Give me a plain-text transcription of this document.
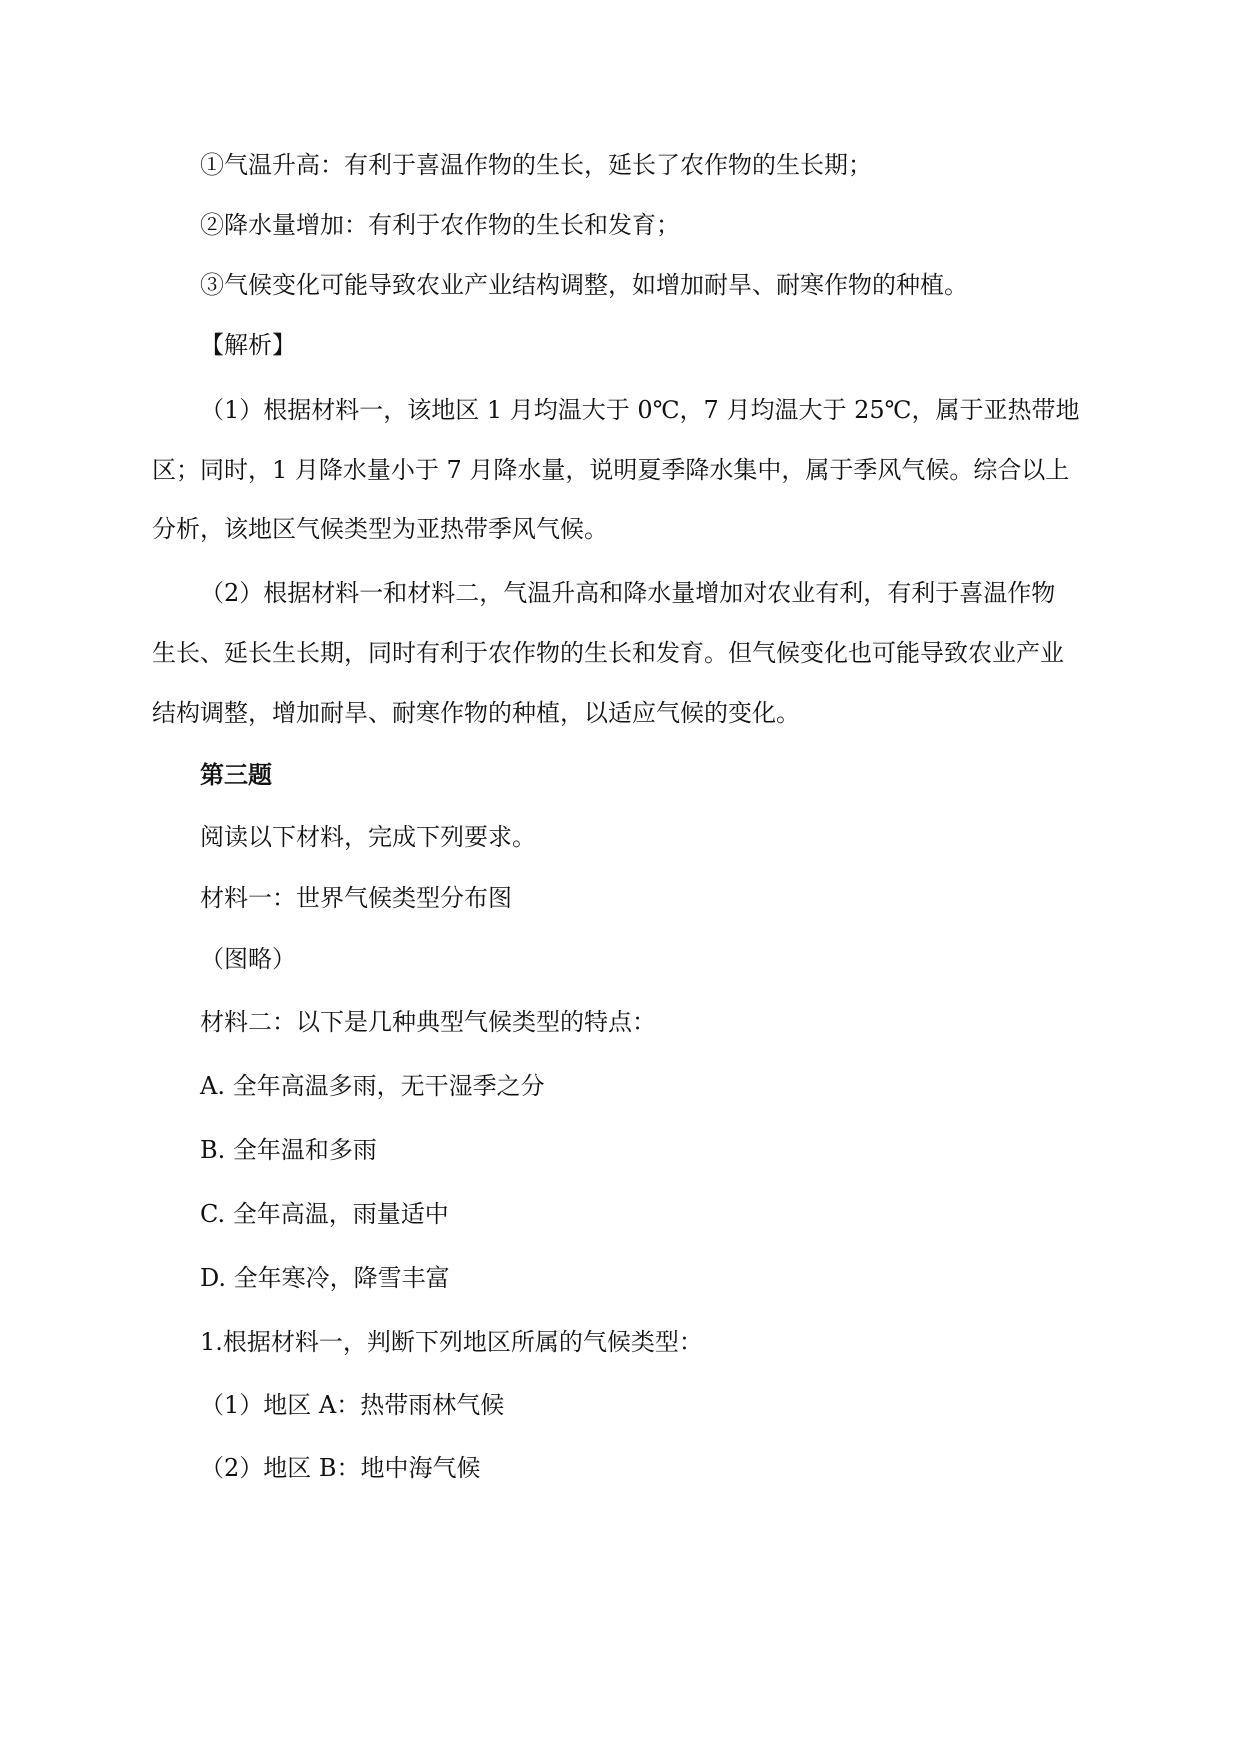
①气温升高：有利于喜温作物的生长，延长了农作物的生长期；
②降水量增加：有利于农作物的生长和发育；
③气候变化可能导致农业产业结构调整，如增加耐旱、耐寒作物的种植。
【解析】
（1）根据材料一，该地区 1 月均温大于 0℃，7 月均温大于 25℃，属于亚热带地
区；同时，1 月降水量小于 7 月降水量，说明夏季降水集中，属于季风气候。综合以上
分析，该地区气候类型为亚热带季风气候。
（2）根据材料一和材料二，气温升高和降水量增加对农业有利，有利于喜温作物
生长、延长生长期，同时有利于农作物的生长和发育。但气候变化也可能导致农业产业
结构调整，增加耐旱、耐寒作物的种植，以适应气候的变化。
第三题
阅读以下材料，完成下列要求。
材料一：世界气候类型分布图
（图略）
材料二：以下是几种典型气候类型的特点：
A. 全年高温多雨，无干湿季之分
B. 全年温和多雨
C. 全年高温，雨量适中
D. 全年寒冷，降雪丰富
1.根据材料一，判断下列地区所属的气候类型：
（1）地区 A：热带雨林气候
（2）地区 B：地中海气候
